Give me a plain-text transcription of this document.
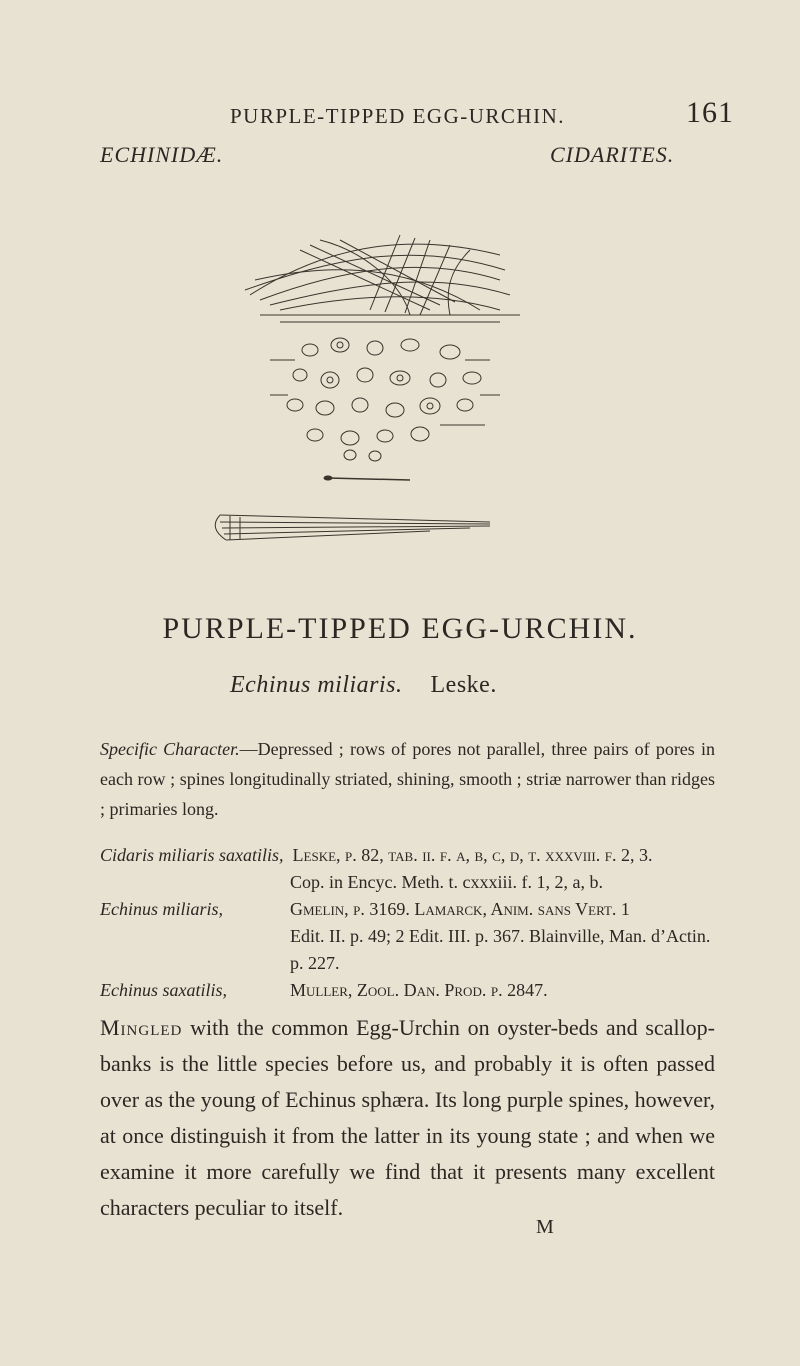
PURPLE-TIPPED EGG-URCHIN.	161
ECHINIDÆ.	CIDARITES.
PURPLE-TIPPED EGG-URCHIN.
Echinus miliaris. Leske.
Specific Character.—Depressed ; rows of pores not parallel, three pairs of pores in each row ; spines longitudinally striated, shining, smooth ; striæ narrower than ridges ; primaries long.
Cidaris miliaris saxatilis, Leske, p. 82, tab. ii. f. a, b, c, d, t. xxxviii. f. 2, 3.
Cop. in Encyc. Meth. t. cxxxiii. f. 1, 2, a, b.
Echinus miliaris,	Gmelin, p. 3169. Lamarck, Anim. sans Vert. 1
Edit. II. p. 49; 2 Edit. III. p. 367. Blainville, Man. d’Actin. p. 227.
Echinus saxatilis,	Muller, Zool. Dan. Prod. p. 2847.
Mingled with the common Egg-Urchin on oyster-beds and scallop-banks is the little species before us, and probably it is often passed over as the young of Echinus sphæra. Its long purple spines, however, at once distinguish it from the latter in its young state ; and when we examine it more carefully we find that it presents many excellent characters peculiar to itself.
M
